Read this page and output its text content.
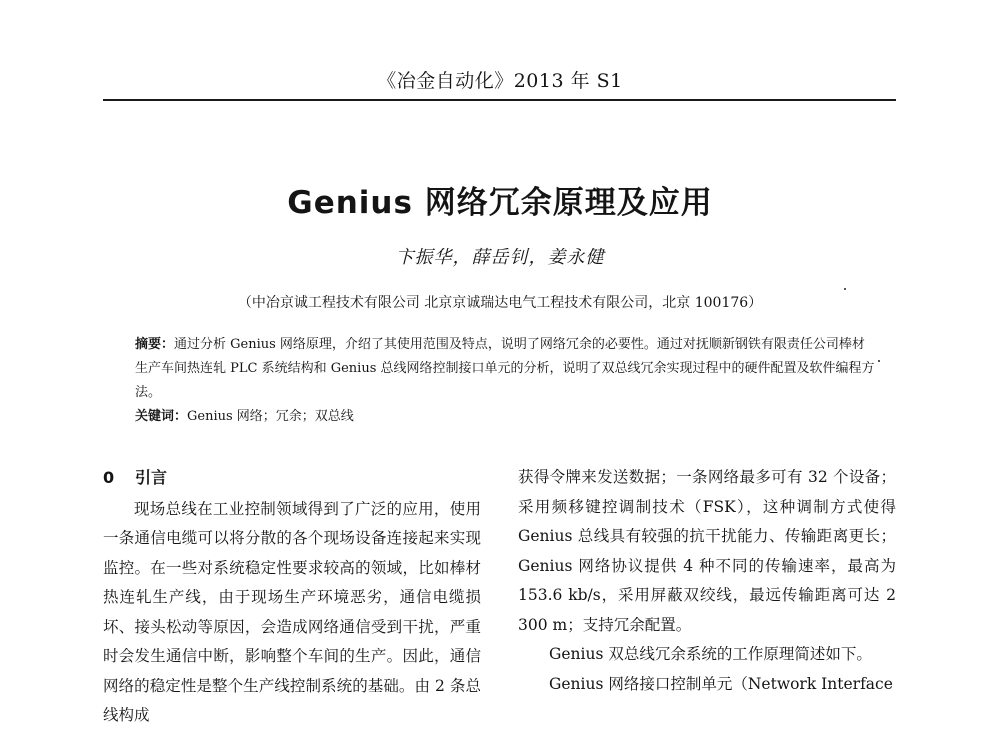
《冶金自动化》2013 年 S1
Genius 网络冗余原理及应用
卞振华，薛岳钊，姜永健
（中冶京诚工程技术有限公司 北京京诚瑞达电气工程技术有限公司，北京 100176）
摘要：通过分析 Genius 网络原理，介绍了其使用范围及特点，说明了网络冗余的必要性。通过对抚顺新钢铁有限责任公司棒材生产车间热连轧 PLC 系统结构和 Genius 总线网络控制接口单元的分析，说明了双总线冗余实现过程中的硬件配置及软件编程方法。
关键词：Genius 网络；冗余；双总线
0 引言

现场总线在工业控制领域得到了广泛的应用，使用一条通信电缆可以将分散的各个现场设备连接起来实现监控。在一些对系统稳定性要求较高的领域，比如棒材热连轧生产线，由于现场生产环境恶劣，通信电缆损坏、接头松动等原因，会造成网络通信受到干扰，严重时会发生通信中断，影响整个车间的生产。因此，通信网络的稳定性是整个生产线控制系统的基础。由 2 条总线构成

获得令牌来发送数据；一条网络最多可有 32 个设备；采用频移键控调制技术（FSK），这种调制方式使得 Genius 总线具有较强的抗干扰能力、传输距离更长；Genius 网络协议提供 4 种不同的传输速率，最高为 153.6 kb/s，采用屏蔽双绞线，最远传输距离可达 2 300 m；支持冗余配置。

Genius 双总线冗余系统的工作原理简述如下。

Genius 网络接口控制单元（Network Interface
